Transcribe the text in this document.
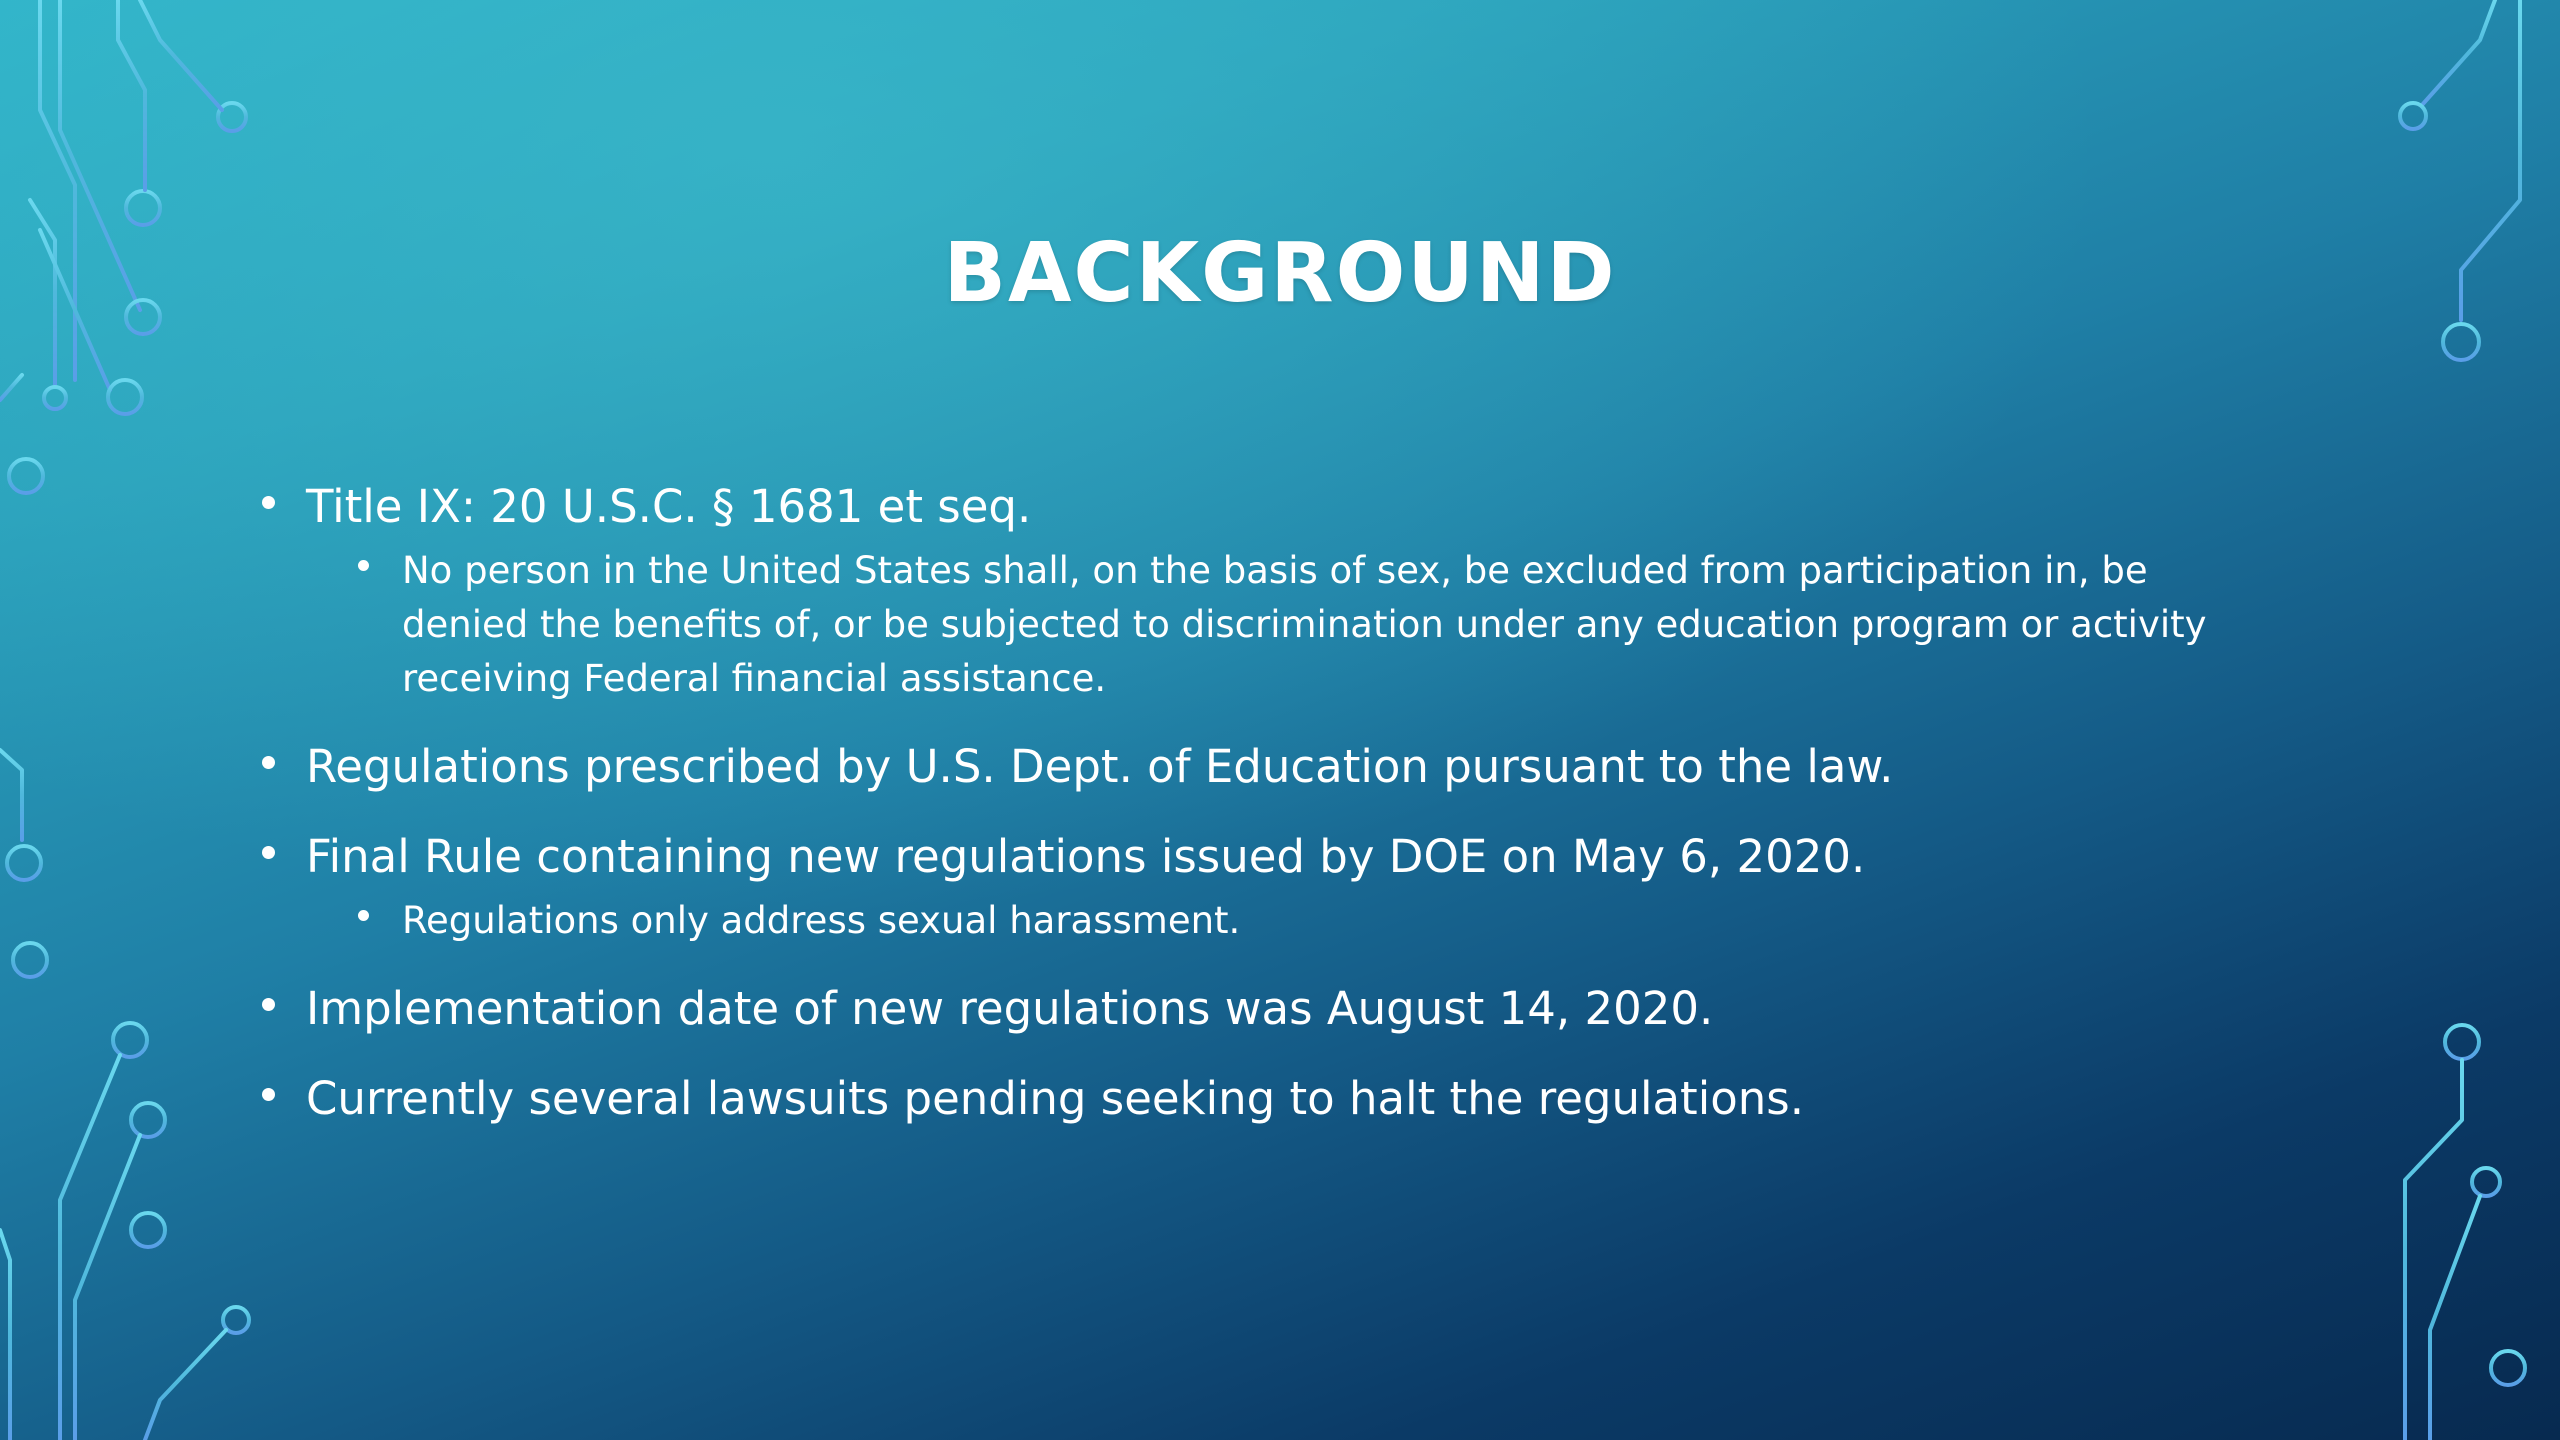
BACKGROUND
Title IX: 20 U.S.C. § 1681 et seq.
No person in the United States shall, on the basis of sex, be excluded from participation in, be denied the benefits of, or be subjected to discrimination under any education program or activity receiving Federal financial assistance.
Regulations prescribed by U.S. Dept. of Education pursuant to the law.
Final Rule containing new regulations issued by DOE on May 6, 2020.
Regulations only address sexual harassment.
Implementation date of new regulations was August 14, 2020.
Currently several lawsuits pending seeking to halt the regulations.
